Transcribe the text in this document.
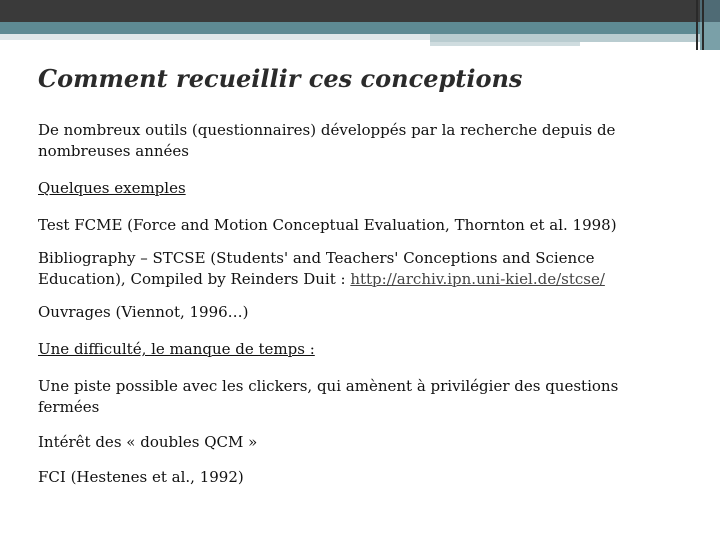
Comment recueillir ces conceptions

De nombreux outils (questionnaires) développés par la recherche depuis de nombreuses années

Quelques exemples

Test FCME (Force and Motion Conceptual Evaluation, Thornton et al. 1998)

Bibliography – STCSE (Students' and Teachers' Conceptions and Science Education), Compiled by Reinders Duit : http://archiv.ipn.uni-kiel.de/stcse/

Ouvrages (Viennot, 1996…)

Une difficulté, le manque de temps :

Une piste possible avec les clickers, qui amènent à privilégier des questions fermées

Intérêt des « doubles QCM »

FCI (Hestenes et al., 1992)
